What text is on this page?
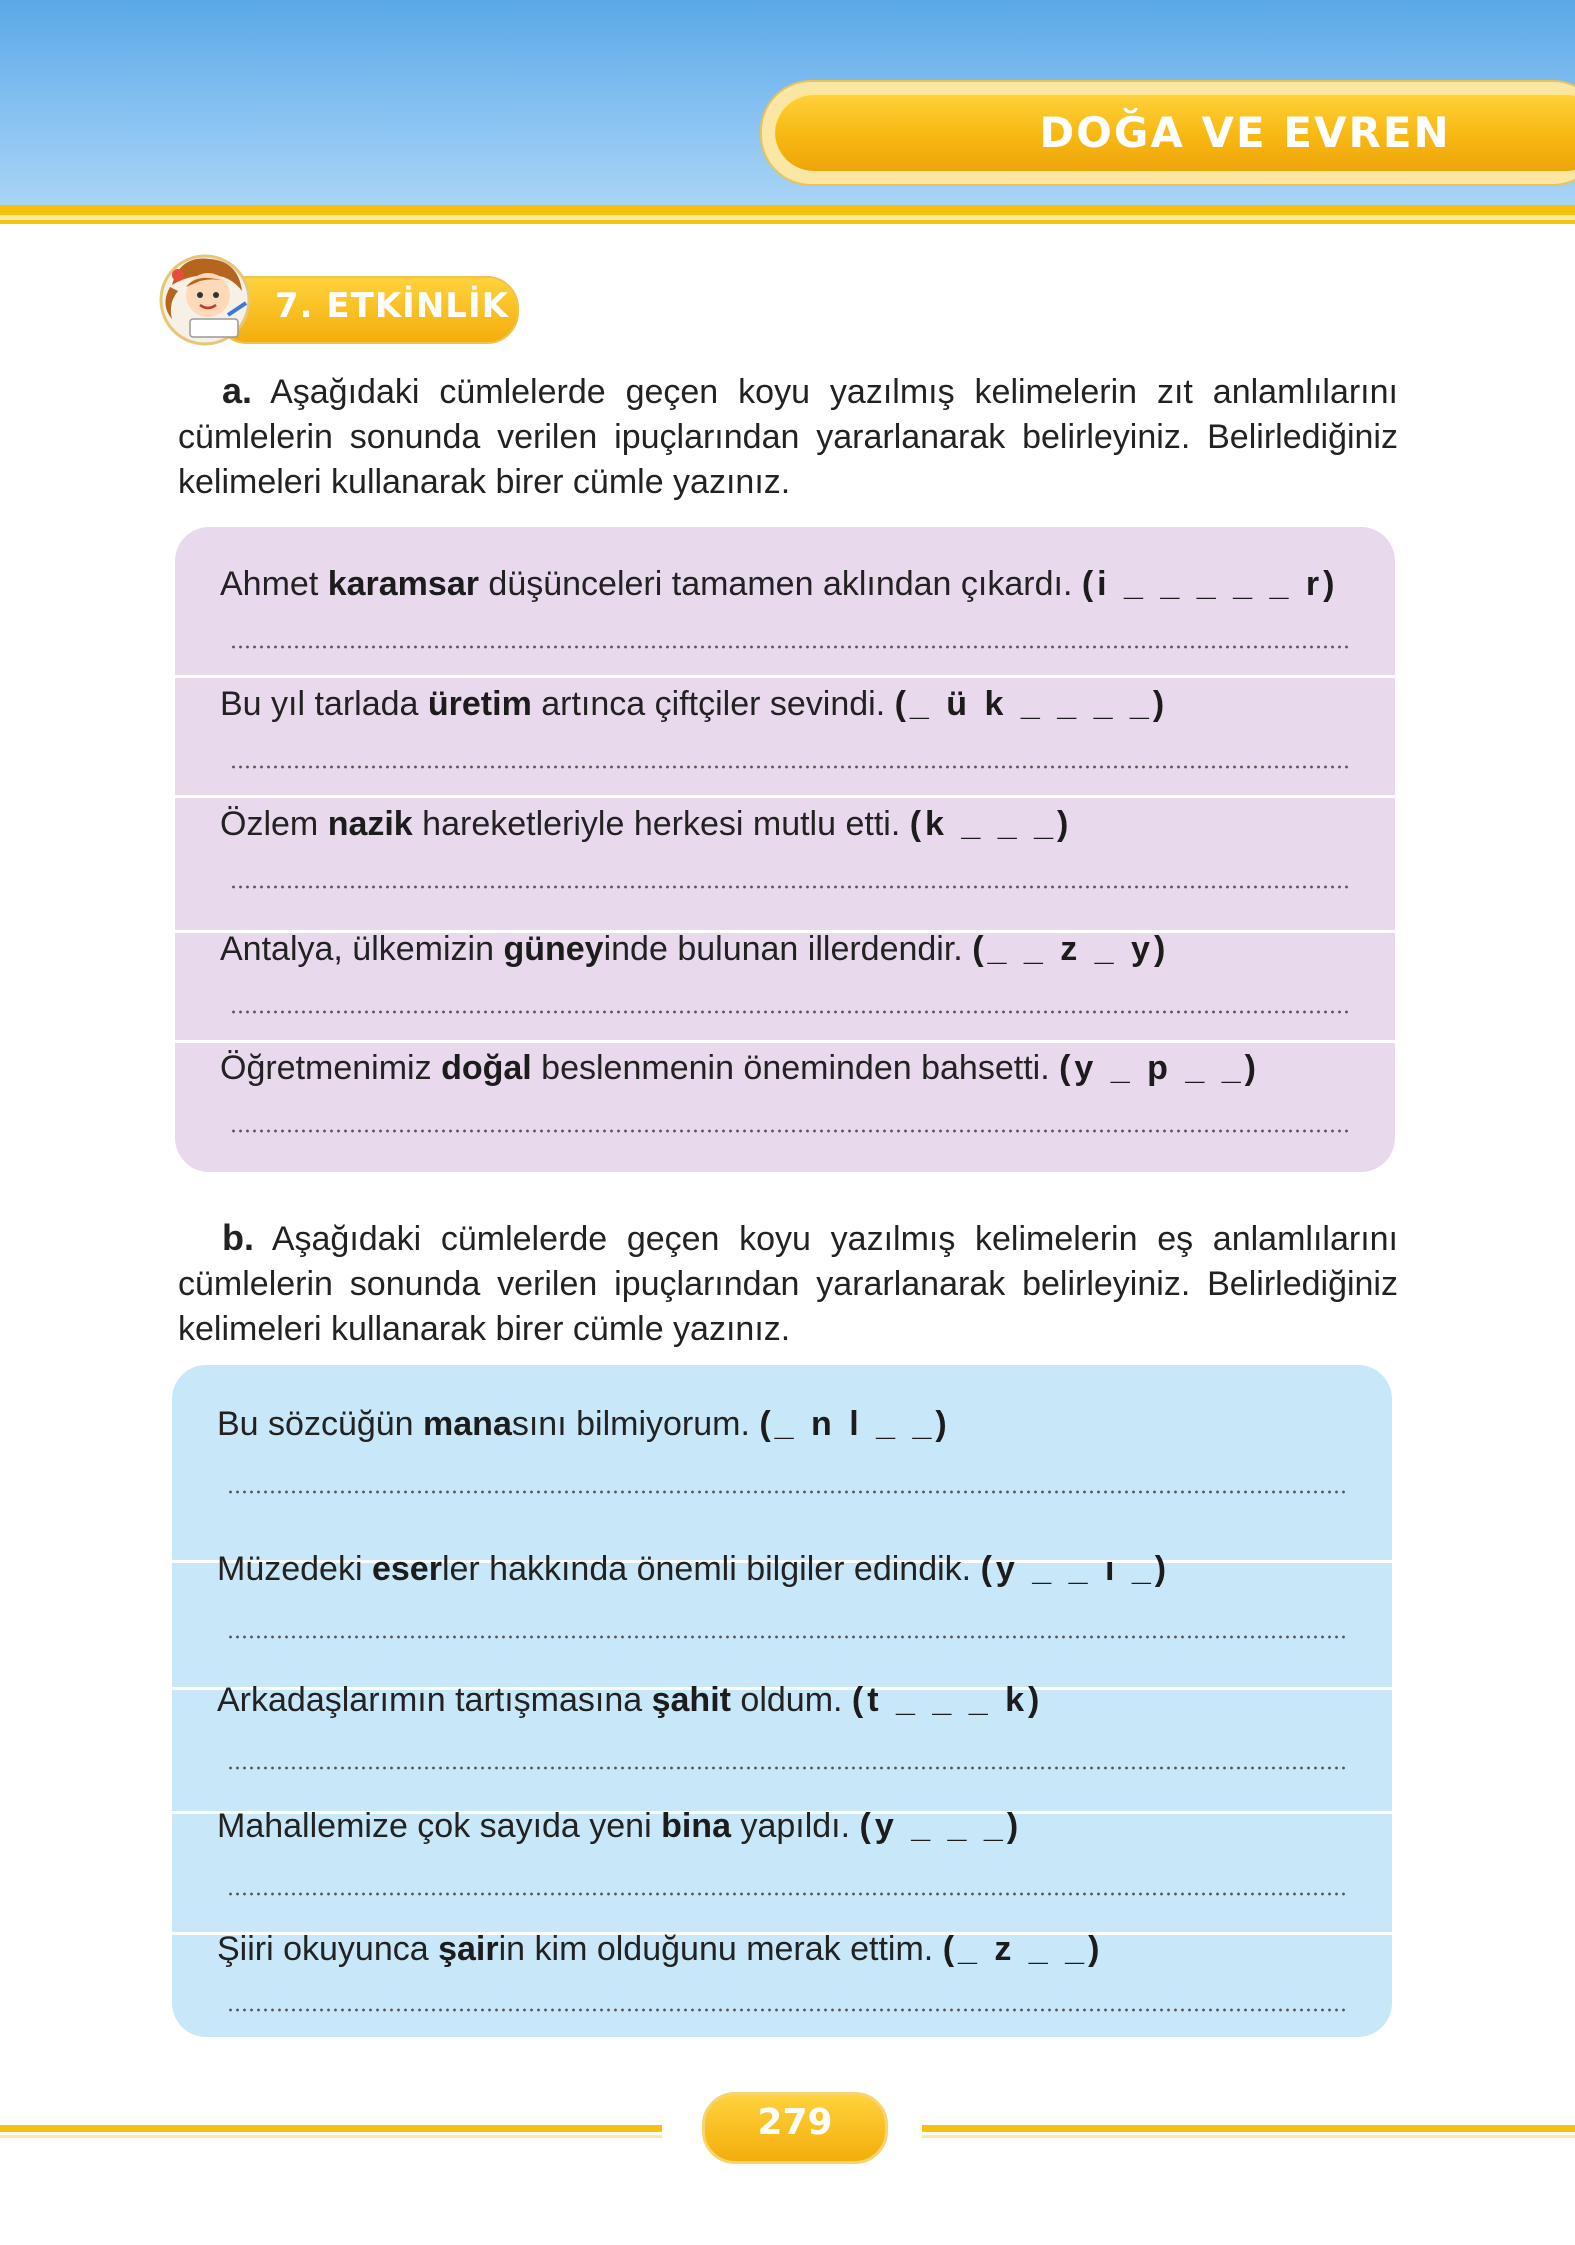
DOĞA VE EVREN
7. ETKİNLİK
a. Aşağıdaki cümlelerde geçen koyu yazılmış kelimelerin zıt anlamlılarını cümlelerin sonunda verilen ipuçlarından yararlanarak belirleyiniz. Belirlediğiniz kelimeleri kullanarak birer cümle yazınız.
Ahmet karamsar düşünceleri tamamen aklından çıkardı. (i _ _ _ _ _ r)
Bu yıl tarlada üretim artınca çiftçiler sevindi. (_ ü k _ _ _ _)
Özlem nazik hareketleriyle herkesi mutlu etti. (k _ _ _)
Antalya, ülkemizin güneyinde bulunan illerdendir. (_ _ z _ y)
Öğretmenimiz doğal beslenmenin öneminden bahsetti. (y _ p _ _)
b. Aşağıdaki cümlelerde geçen koyu yazılmış kelimelerin eş anlamlılarını cümlelerin sonunda verilen ipuçlarından yararlanarak belirleyiniz. Belirlediğiniz kelimeleri kullanarak birer cümle yazınız.
Bu sözcüğün manasını bilmiyorum. (_ n l _ _)
Müzedeki eserler hakkında önemli bilgiler edindik. (y _ _ ı _)
Arkadaşlarımın tartışmasına şahit oldum. (t _ _ _ k)
Mahallemize çok sayıda yeni bina yapıldı. (y _ _ _)
Şiiri okuyunca şairin kim olduğunu merak ettim. (_ z _ _)
279
